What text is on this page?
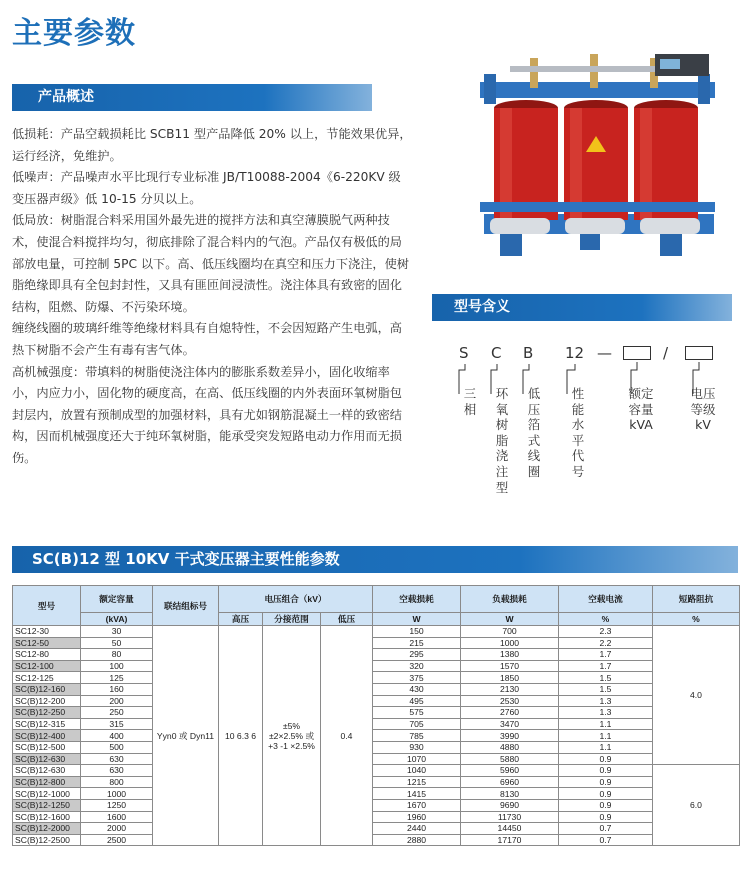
主要参数
产品概述

低损耗：产品空载损耗比 SCB11 型产品降低 20% 以上，节能效果优异，运行经济，免维护。

低噪声：产品噪声水平比现行专业标准 JB/T10088-2004《6-220KV 级变压器声级》低 10-15 分贝以上。

低局放：树脂混合料采用国外最先进的搅拌方法和真空薄膜脱气两种技术，使混合料搅拌均匀，彻底排除了混合料内的气泡。产品仅有极低的局部放电量，可控制 5PC 以下。高、低压线圈均在真空和压力下浇注，使树脂绝缘即具有全包封封性，又具有匪匝间浸渍性。浇注体具有致密的固化结构，阻燃、防爆、不污染环境。

缠绕线圈的玻璃纤维等绝缘材料具有自熄特性，不会因短路产生电弧，高热下树脂不会产生有毒有害气体。

高机械强度：带填料的树脂使浇注体内的膨胀系数差异小，固化收缩率小，内应力小，固化物的硬度高，在高、低压线圈的内外表面环氧树脂包封层内，放置有预制成型的加强材料，具有尤如钢筋混凝土一样的致密结构，因而机械强度还大于纯环氧树脂，能承受突发短路电动力作用而无损伤。

型号含义
S C B 12 —	/
三相
环氧树脂浇注型
低压箔式线圈
性能水平代号
额定容量kVA
电压等级kV
SC(B)12 型 10KV 干式变压器主要性能参数
型号	额定容量	联结组标号	电压组合（kV）			空载损耗	负载损耗	空载电流	短路阻抗
	(kVA)		高压	分接范围	低压	W	W	%	%
SC12-30	30	Yyn0 或 Dyn11	10 6.3 6	±5% ±2×2.5% 或 +3 -1 ×2.5%	0.4	150	700	2.3	4.0
SC12-50	50					215	1000	2.2	
SC12-80	80					295	1380	1.7	
SC12-100	100					320	1570	1.7	
SC12-125	125					375	1850	1.5	
SC(B)12-160	160					430	2130	1.5	
SC(B)12-200	200					495	2530	1.3	
SC(B)12-250	250					575	2760	1.3	
SC(B)12-315	315					705	3470	1.1	
SC(B)12-400	400					785	3990	1.1	
SC(B)12-500	500					930	4880	1.1	
SC(B)12-630	630					1070	5880	0.9	
SC(B)12-630	630					1040	5960	0.9	6.0
SC(B)12-800	800					1215	6960	0.9	
SC(B)12-1000	1000					1415	8130	0.9	
SC(B)12-1250	1250					1670	9690	0.9	
SC(B)12-1600	1600					1960	11730	0.9	
SC(B)12-2000	2000					2440	14450	0.7	
SC(B)12-2500	2500					2880	17170	0.7	
